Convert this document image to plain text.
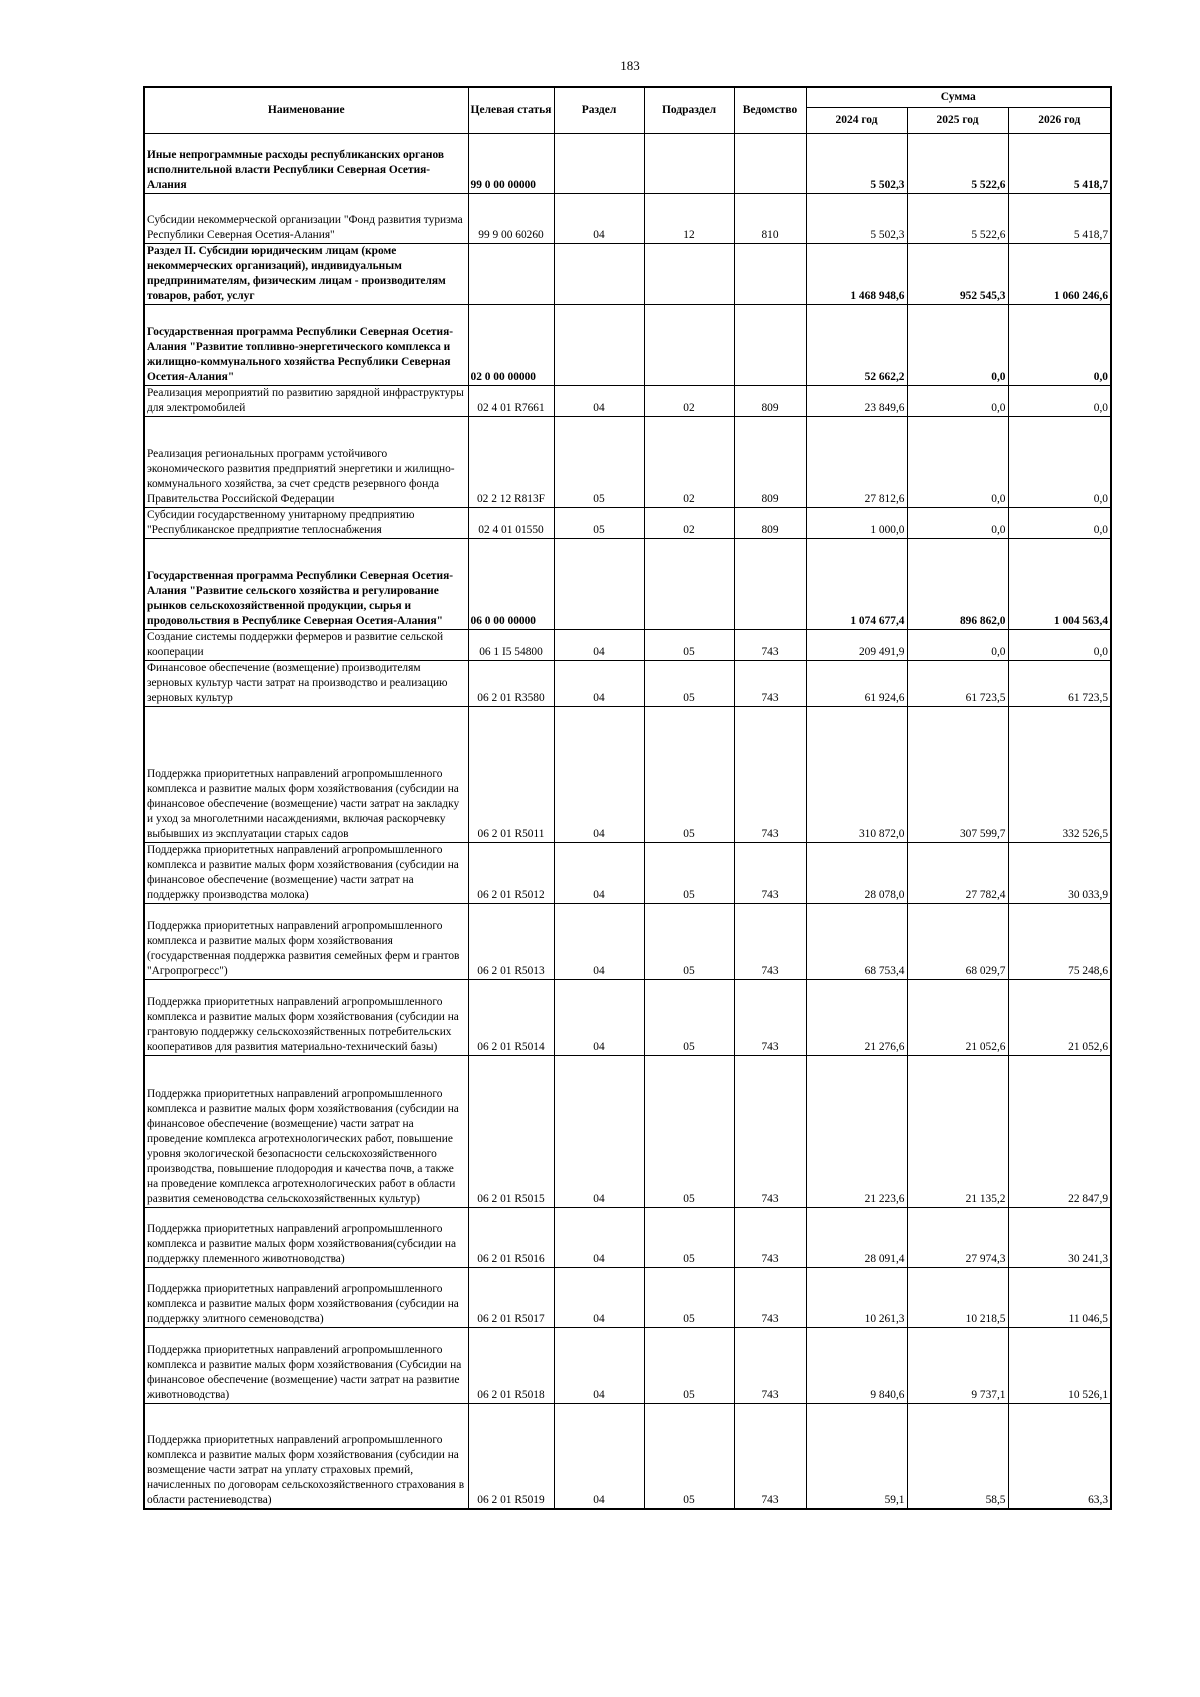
183
Наименование	Целевая статья	Раздел	Подраздел	Ведомство	Сумма		
					2024 год	2025 год	2026 год
Иные непрограммные расходы республиканских органов исполнительной власти Республики Северная Осетия-Алания	99 0 00 00000				5 502,3	5 522,6	5 418,7
Субсидии некоммерческой организации "Фонд развития туризма Республики Северная Осетия-Алания"	99 9 00 60260	04	12	810	5 502,3	5 522,6	5 418,7
Раздел II. Субсидии юридическим лицам (кроме некоммерческих организаций), индивидуальным предпринимателям, физическим лицам - производителям товаров, работ, услуг					1 468 948,6	952 545,3	1 060 246,6
Государственная программа Республики Северная Осетия-Алания "Развитие топливно-энергетического комплекса и жилищно-коммунального хозяйства Республики Северная Осетия-Алания"	02 0 00 00000				52 662,2	0,0	0,0
Реализация мероприятий по развитию зарядной инфраструктуры для электромобилей	02 4 01 R7661	04	02	809	23 849,6	0,0	0,0
Реализация региональных программ устойчивого экономического развития предприятий энергетики и жилищно-коммунального хозяйства, за счет средств резервного фонда Правительства Российской Федерации	02 2 12 R813F	05	02	809	27 812,6	0,0	0,0
Субсидии государственному унитарному предприятию "Республиканское предприятие теплоснабжения	02 4 01 01550	05	02	809	1 000,0	0,0	0,0
Государственная программа Республики Северная Осетия-Алания "Развитие сельского хозяйства и регулирование рынков сельскохозяйственной продукции, сырья и продовольствия в Республике Северная Осетия-Алания"	06 0 00 00000				1 074 677,4	896 862,0	1 004 563,4
Создание системы поддержки фермеров и развитие сельской кооперации	06 1 I5 54800	04	05	743	209 491,9	0,0	0,0
Финансовое обеспечение (возмещение) производителям зерновых культур части затрат на производство и реализацию зерновых культур	06 2 01 R3580	04	05	743	61 924,6	61 723,5	61 723,5
Поддержка приоритетных направлений агропромышленного комплекса и развитие малых форм хозяйствования (субсидии на финансовое обеспечение (возмещение) части затрат на закладку и уход за многолетними насаждениями, включая раскорчевку выбывших из эксплуатации старых садов	06 2 01 R5011	04	05	743	310 872,0	307 599,7	332 526,5
Поддержка приоритетных направлений агропромышленного комплекса и развитие малых форм хозяйствования (субсидии на финансовое обеспечение (возмещение) части затрат на поддержку производства молока)	06 2 01 R5012	04	05	743	28 078,0	27 782,4	30 033,9
Поддержка приоритетных направлений агропромышленного комплекса и развитие малых форм хозяйствования (государственная поддержка развития семейных ферм и грантов "Агропрогресс")	06 2 01 R5013	04	05	743	68 753,4	68 029,7	75 248,6
Поддержка приоритетных направлений агропромышленного комплекса и развитие малых форм хозяйствования (субсидии на грантовую поддержку сельскохозяйственных потребительских кооперативов для развития материально-технический базы)	06 2 01 R5014	04	05	743	21 276,6	21 052,6	21 052,6
Поддержка приоритетных направлений агропромышленного комплекса и развитие малых форм хозяйствования (субсидии на финансовое обеспечение (возмещение) части затрат на проведение комплекса агротехнологических работ, повышение уровня экологической безопасности сельскохозяйственного производства, повышение плодородия и качества почв, а также на проведение комплекса агротехнологических работ в области развития семеноводства сельскохозяйственных культур)	06 2 01 R5015	04	05	743	21 223,6	21 135,2	22 847,9
Поддержка приоритетных направлений агропромышленного комплекса и развитие малых форм хозяйствования(субсидии на поддержку племенного животноводства)	06 2 01 R5016	04	05	743	28 091,4	27 974,3	30 241,3
Поддержка приоритетных направлений агропромышленного комплекса и развитие малых форм хозяйствования (субсидии на поддержку элитного семеноводства)	06 2 01 R5017	04	05	743	10 261,3	10 218,5	11 046,5
Поддержка приоритетных направлений агропромышленного комплекса и развитие малых форм хозяйствования (Субсидии на финансовое обеспечение (возмещение) части затрат на развитие животноводства)	06 2 01 R5018	04	05	743	9 840,6	9 737,1	10 526,1
Поддержка приоритетных направлений агропромышленного комплекса и развитие малых форм хозяйствования (субсидии на возмещение части затрат на уплату страховых премий, начисленных по договорам сельскохозяйственного страхования в области растениеводства)	06 2 01 R5019	04	05	743	59,1	58,5	63,3
